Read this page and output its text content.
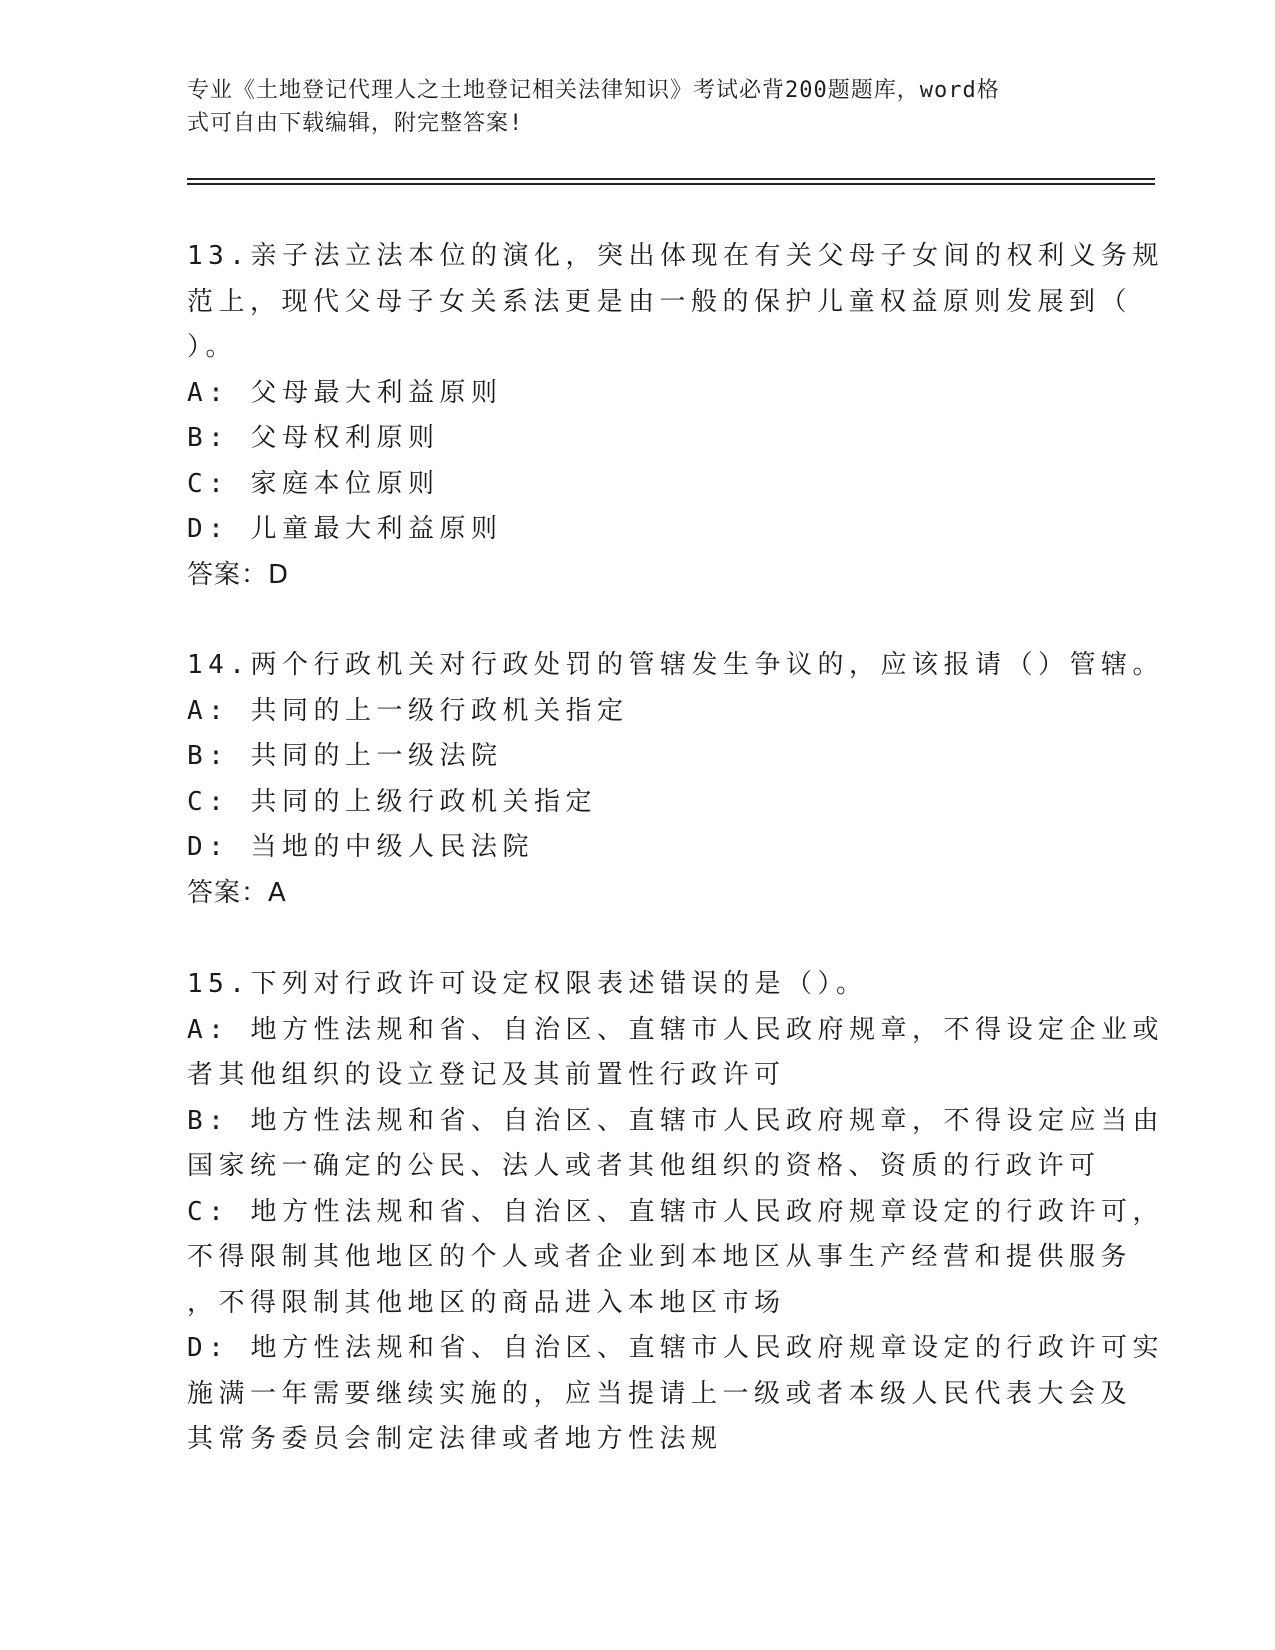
专业《土地登记代理人之土地登记相关法律知识》考试必背200题题库，word格
式可自由下载编辑，附完整答案!
13.亲子法立法本位的演化，突出体现在有关父母子女间的权利义务规
范上，现代父母子女关系法更是由一般的保护儿童权益原则发展到（
）。
A: 父母最大利益原则
B: 父母权利原则
C: 家庭本位原则
D: 儿童最大利益原则
答案：D
14.两个行政机关对行政处罚的管辖发生争议的，应该报请（）管辖。
A: 共同的上一级行政机关指定
B: 共同的上一级法院
C: 共同的上级行政机关指定
D: 当地的中级人民法院
答案：A
15.下列对行政许可设定权限表述错误的是（）。
A: 地方性法规和省、自治区、直辖市人民政府规章，不得设定企业或
者其他组织的设立登记及其前置性行政许可
B: 地方性法规和省、自治区、直辖市人民政府规章，不得设定应当由
国家统一确定的公民、法人或者其他组织的资格、资质的行政许可
C: 地方性法规和省、自治区、直辖市人民政府规章设定的行政许可，
不得限制其他地区的个人或者企业到本地区从事生产经营和提供服务
，不得限制其他地区的商品进入本地区市场
D: 地方性法规和省、自治区、直辖市人民政府规章设定的行政许可实
施满一年需要继续实施的，应当提请上一级或者本级人民代表大会及
其常务委员会制定法律或者地方性法规
